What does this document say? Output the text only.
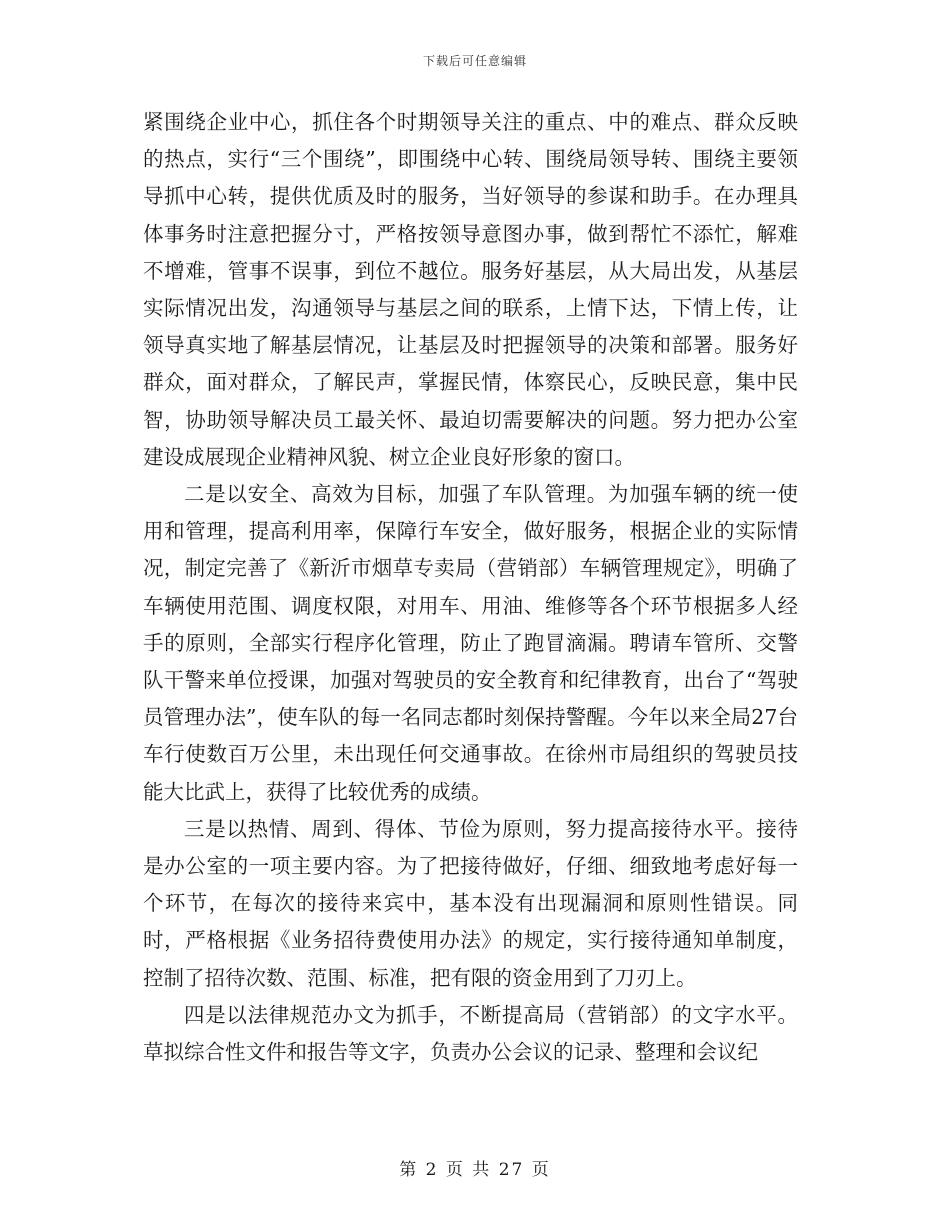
下载后可任意编辑

紧围绕企业中心，抓住各个时期领导关注的重点、中的难点、群众反映的热点，实行“三个围绕”，即围绕中心转、围绕局领导转、围绕主要领导抓中心转，提供优质及时的服务，当好领导的参谋和助手。在办理具体事务时注意把握分寸，严格按领导意图办事，做到帮忙不添忙，解难不增难，管事不误事，到位不越位。服务好基层，从大局出发，从基层实际情况出发，沟通领导与基层之间的联系，上情下达，下情上传，让领导真实地了解基层情况，让基层及时把握领导的决策和部署。服务好群众，面对群众，了解民声，掌握民情，体察民心，反映民意，集中民智，协助领导解决员工最关怀、最迫切需要解决的问题。努力把办公室建设成展现企业精神风貌、树立企业良好形象的窗口。

二是以安全、高效为目标，加强了车队管理。为加强车辆的统一使用和管理，提高利用率，保障行车安全，做好服务，根据企业的实际情况，制定完善了《新沂市烟草专卖局（营销部）车辆管理规定》，明确了车辆使用范围、调度权限，对用车、用油、维修等各个环节根据多人经手的原则，全部实行程序化管理，防止了跑冒滴漏。聘请车管所、交警队干警来单位授课，加强对驾驶员的安全教育和纪律教育，出台了“驾驶员管理办法”，使车队的每一名同志都时刻保持警醒。今年以来全局27台车行使数百万公里，未出现任何交通事故。在徐州市局组织的驾驶员技能大比武上，获得了比较优秀的成绩。

三是以热情、周到、得体、节俭为原则，努力提高接待水平。接待是办公室的一项主要内容。为了把接待做好，仔细、细致地考虑好每一个环节，在每次的接待来宾中，基本没有出现漏洞和原则性错误。同时，严格根据《业务招待费使用办法》的规定，实行接待通知单制度，控制了招待次数、范围、标准，把有限的资金用到了刀刃上。

四是以法律规范办文为抓手，不断提高局（营销部）的文字水平。草拟综合性文件和报告等文字，负责办公会议的记录、整理和会议纪

第 2 页 共 27 页
